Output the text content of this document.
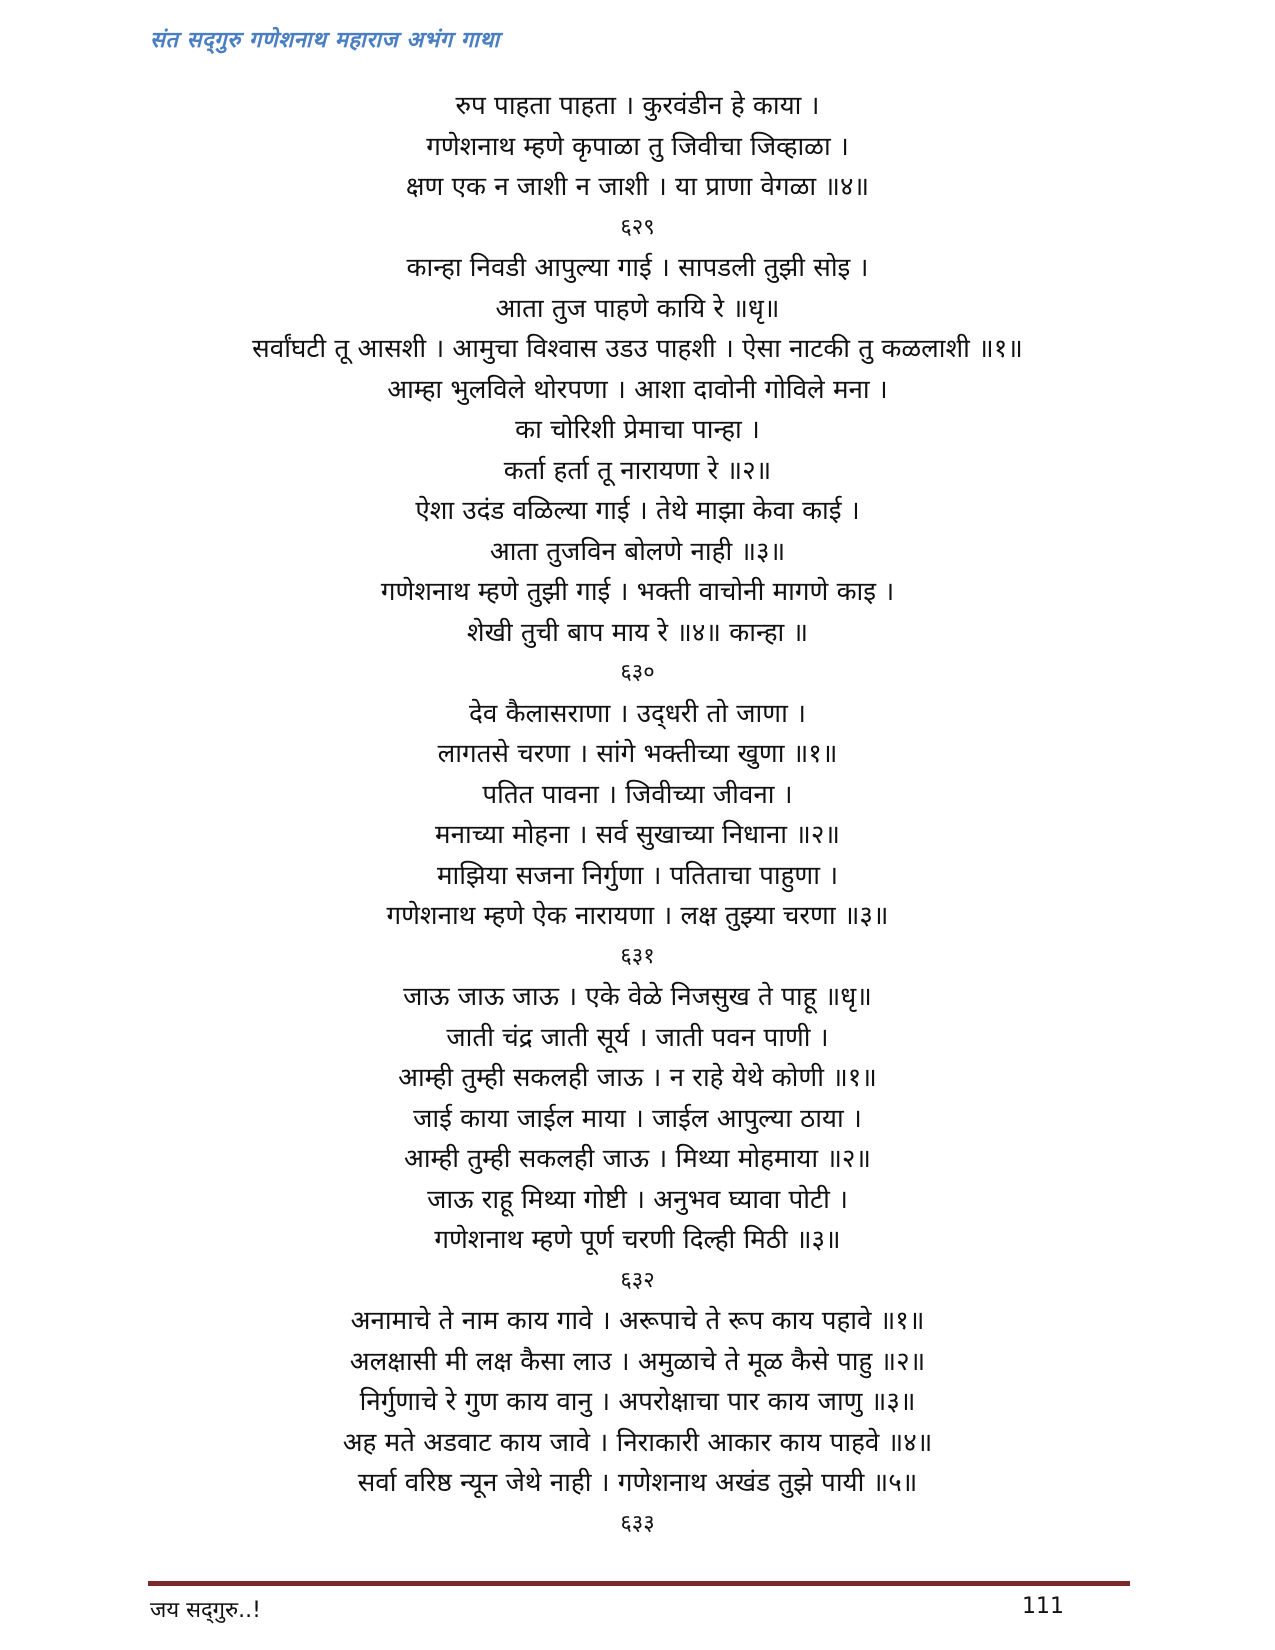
संत सद्‌गुरु गणेशनाथ महाराज अभंग गाथा
रुप पाहता पाहता । कुरवंडीन हे काया ।
गणेशनाथ म्हणे कृपाळा तु जिवीचा जिव्हाळा ।
क्षण एक न जाशी न जाशी । या प्राणा वेगळा ॥४॥
६२९
कान्हा निवडी आपुल्या गाई । सापडली तुझी सोइ ।
आता तुज पाहणे कायि रे ॥धृ॥
सर्वांघटी तू आसशी । आमुचा विश्वास उडउ पाहशी । ऐसा नाटकी तु कळलाशी ॥१॥
आम्हा भुलविले थोरपणा । आशा दावोनी गोविले मना ।
का चोरिशी प्रेमाचा पान्हा ।
कर्ता हर्ता तू नारायणा रे ॥२॥
ऐशा उदंड वळिल्या गाई । तेथे माझा केवा काई ।
आता तुजविन बोलणे नाही ॥३॥
गणेशनाथ म्हणे तुझी गाई । भक्ती वाचोनी मागणे काइ ।
शेखी तुची बाप माय रे ॥४॥ कान्हा ॥
६३०
देव कैलासराणा । उद्‌धरी तो जाणा ।
लागतसे चरणा । सांगे भक्तीच्या खुणा ॥१॥
पतित पावना । जिवीच्या जीवना ।
मनाच्या मोहना । सर्व सुखाच्या निधाना ॥२॥
माझिया सजना निर्गुणा । पतिताचा पाहुणा ।
गणेशनाथ म्हणे ऐक नारायणा । लक्ष तुझ्या चरणा ॥३॥
६३१
जाऊ जाऊ जाऊ । एके वेळे निजसुख ते पाहू ॥धृ॥
जाती चंद्र जाती सूर्य । जाती पवन पाणी ।
आम्ही तुम्ही सकलही जाऊ । न राहे येथे कोणी ॥१॥
जाई काया जाईल माया । जाईल आपुल्या ठाया ।
आम्ही तुम्ही सकलही जाऊ । मिथ्या मोहमाया ॥२॥
जाऊ राहू मिथ्या गोष्टी । अनुभव घ्यावा पोटी ।
गणेशनाथ म्हणे पूर्ण चरणी दिल्ही मिठी ॥३॥
६३२
अनामाचे ते नाम काय गावे । अरूपाचे ते रूप काय पहावे ॥१॥
अलक्षासी मी लक्ष कैसा लाउ । अमुळाचे ते मूळ कैसे पाहु ॥२॥
निर्गुणाचे रे गुण काय वानु । अपरोक्षाचा पार काय जाणु ॥३॥
अह मते अडवाट काय जावे । निराकारी आकार काय पाहवे ॥४॥
सर्वा वरिष्ठ न्यून जेथे नाही । गणेशनाथ अखंड तुझे पायी ॥५॥
६३३
जय सद्‌गुरु..!	111
